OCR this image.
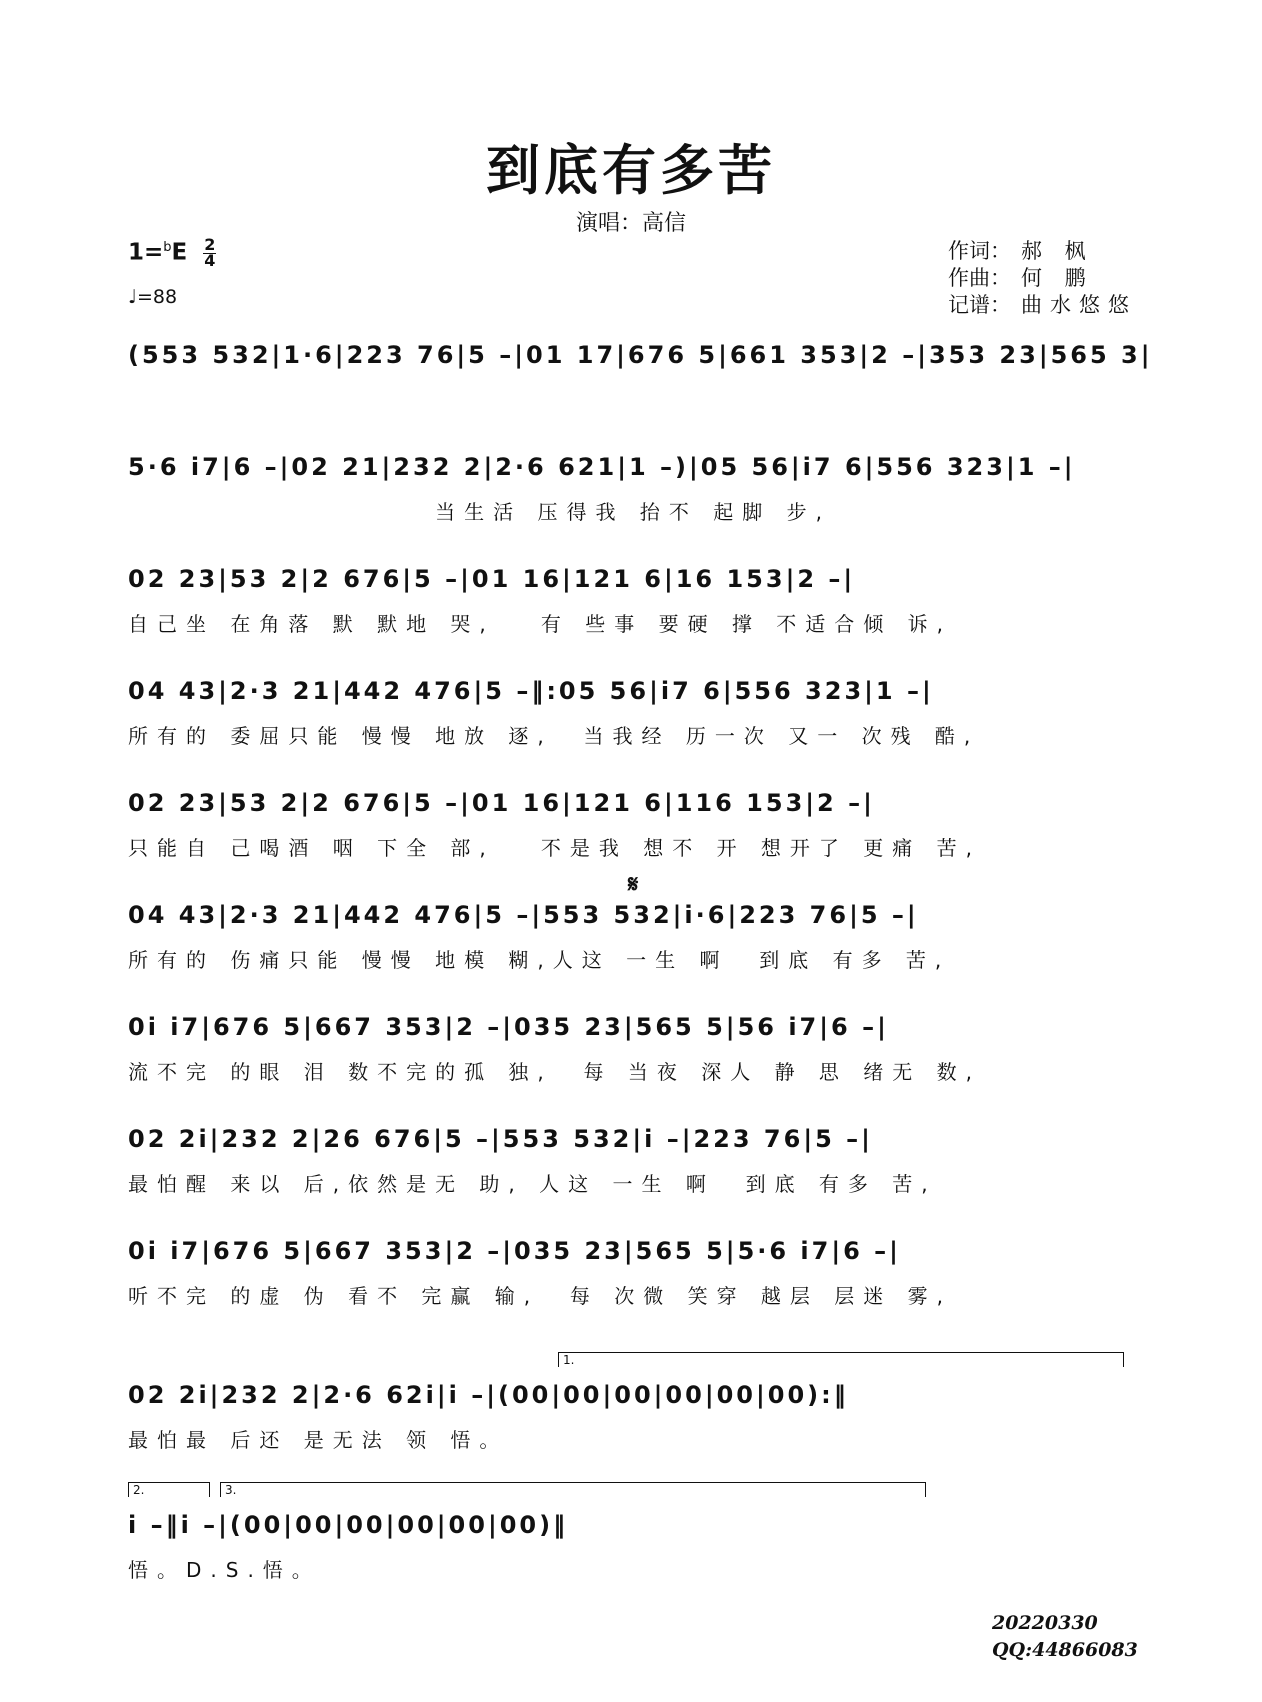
到底有多苦
演唱：高信
$1=^bE \frac{2}{4}$
♩=88
作词： 郝 枫
作曲： 何 鹏
记谱： 曲水悠悠
(553 532|1·6|223 76|5 –|01 17|676 5|661 353|2 –|353 23|565 3|
5·6 i7|6 –|02 21|232 2|2·6 621|1 –)|05 56|i7 6|556 323|1 –|
当生活 压得我 抬不 起脚 步,
02 23|53 2|2 676|5 –|01 16|121 6|16 153|2 –|
自己坐 在角落 默 默地 哭,   有 些事 要硬 撑 不适合倾 诉,
04 43|2·3 21|442 476|5 –‖:05 56|i7 6|556 323|1 –|
所有的 委屈只能 慢慢 地放 逐,  当我经 历一次 又一 次残 酷,
02 23|53 2|2 676|5 –|01 16|121 6|116 153|2 –|
只能自 己喝酒 咽 下全 部,   不是我 想不 开 想开了 更痛 苦,
𝄋
04 43|2·3 21|442 476|5 –|553 532|i·6|223 76|5 –|
所有的 伤痛只能 慢慢 地模 糊,人这 一生 啊  到底 有多 苦,
0i i7|676 5|667 353|2 –|035 23|565 5|56 i7|6 –|
流不完 的眼 泪 数不完的孤 独,  每 当夜 深人 静 思 绪无 数,
02 2i|232 2|26 676|5 –|553 532|i –|223 76|5 –|
最怕醒 来以 后,依然是无 助, 人这 一生 啊  到底 有多 苦,
0i i7|676 5|667 353|2 –|035 23|565 5|5·6 i7|6 –|
听不完 的虚 伪 看不 完赢 输,  每 次微 笑穿 越层 层迷 雾,
1.
02 2i|232 2|2·6 62i|i –|(00|00|00|00|00|00):‖
最怕最 后还 是无法 领 悟。
2.	3.
i –‖i –|(00|00|00|00|00|00)‖
悟。D.S.悟。
20220330
QQ:44866083
